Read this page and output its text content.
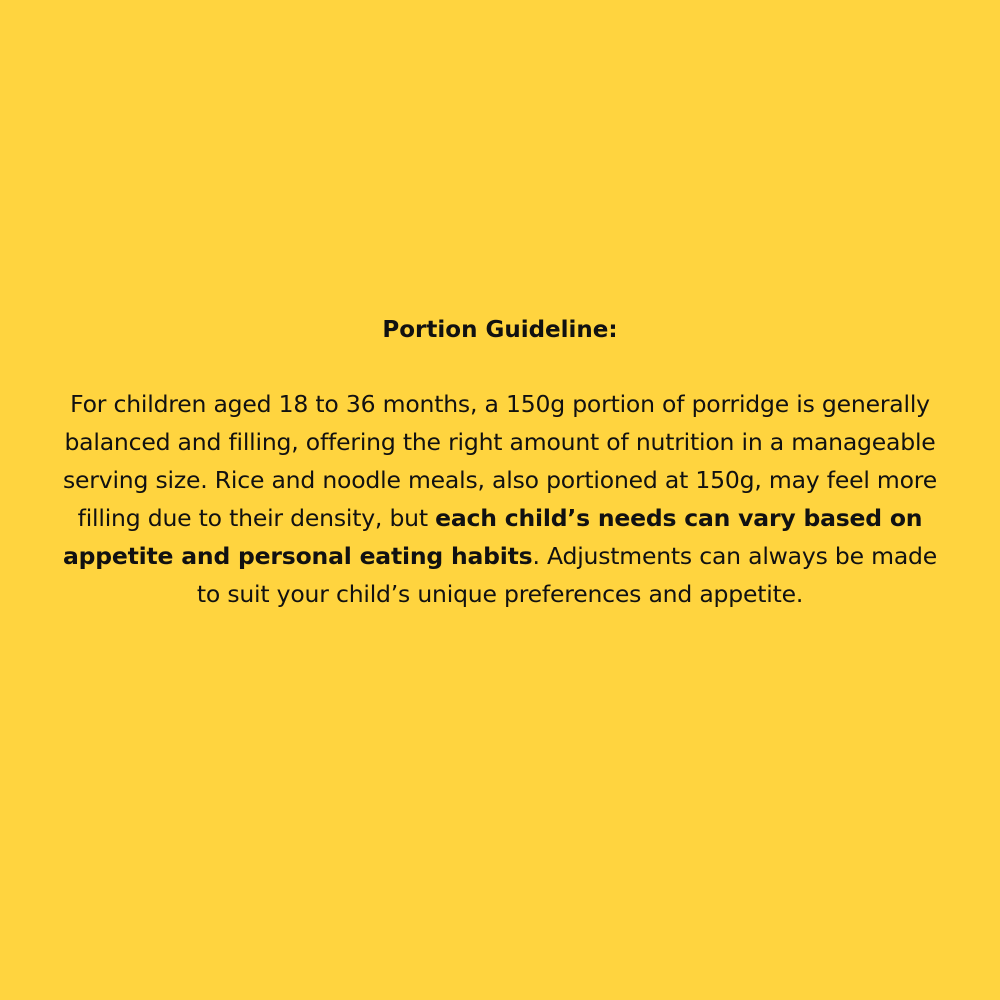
Portion Guideline:

For children aged 18 to 36 months, a 150g portion of porridge is generally balanced and filling, offering the right amount of nutrition in a manageable serving size. Rice and noodle meals, also portioned at 150g, may feel more filling due to their density, but each child’s needs can vary based on appetite and personal eating habits. Adjustments can always be made to suit your child’s unique preferences and appetite.
